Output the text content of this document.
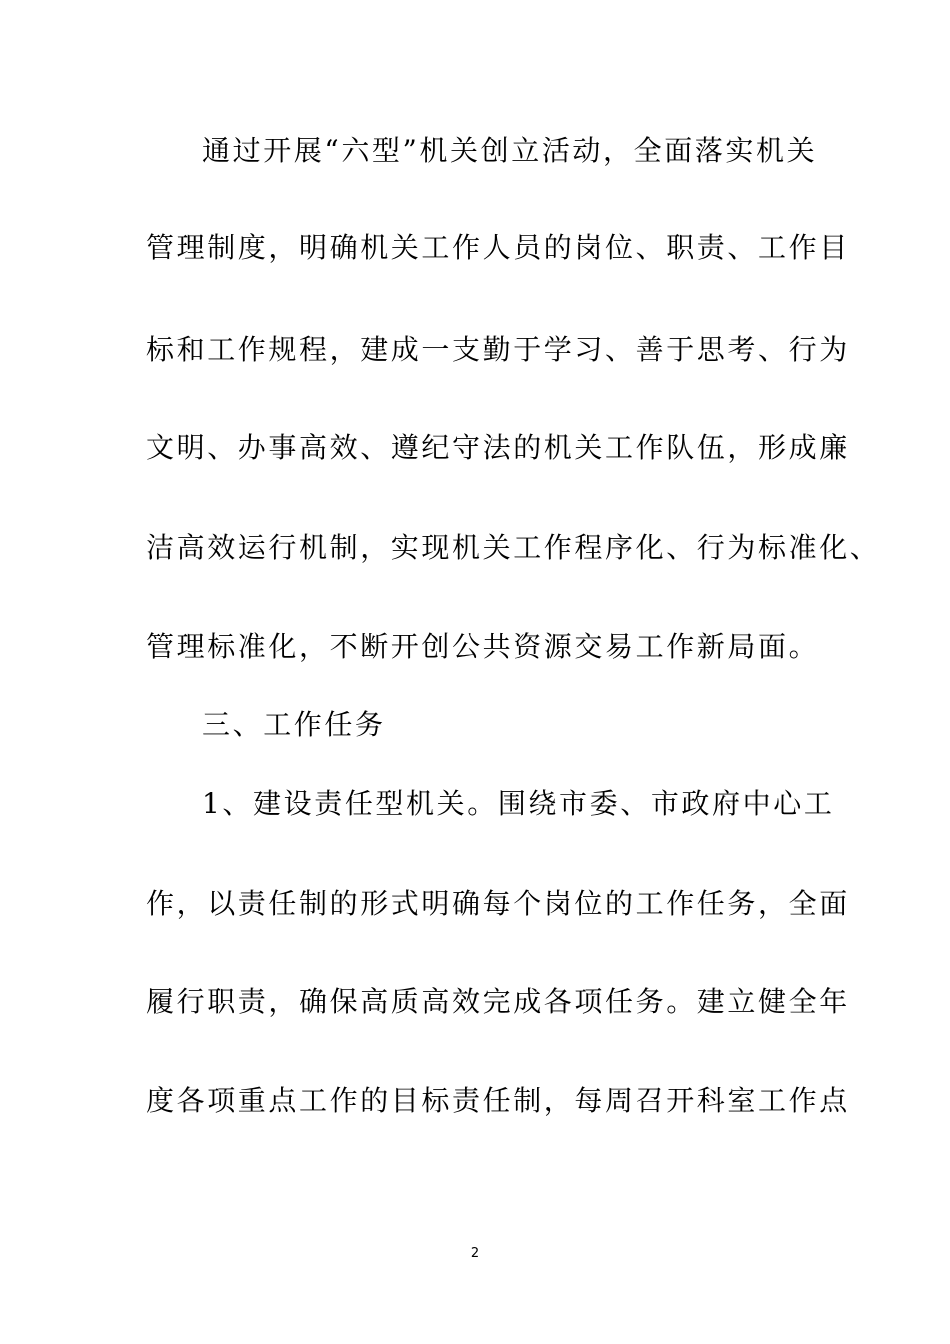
通过开展“六型”机关创立活动，全面落实机关
管理制度，明确机关工作人员的岗位、职责、工作目
标和工作规程，建成一支勤于学习、善于思考、行为
文明、办事高效、遵纪守法的机关工作队伍，形成廉
洁高效运行机制，实现机关工作程序化、行为标准化、
管理标准化，不断开创公共资源交易工作新局面。
三、工作任务
1、建设责任型机关。围绕市委、市政府中心工
作，以责任制的形式明确每个岗位的工作任务，全面
履行职责，确保高质高效完成各项任务。建立健全年
度各项重点工作的目标责任制，每周召开科室工作点
2
